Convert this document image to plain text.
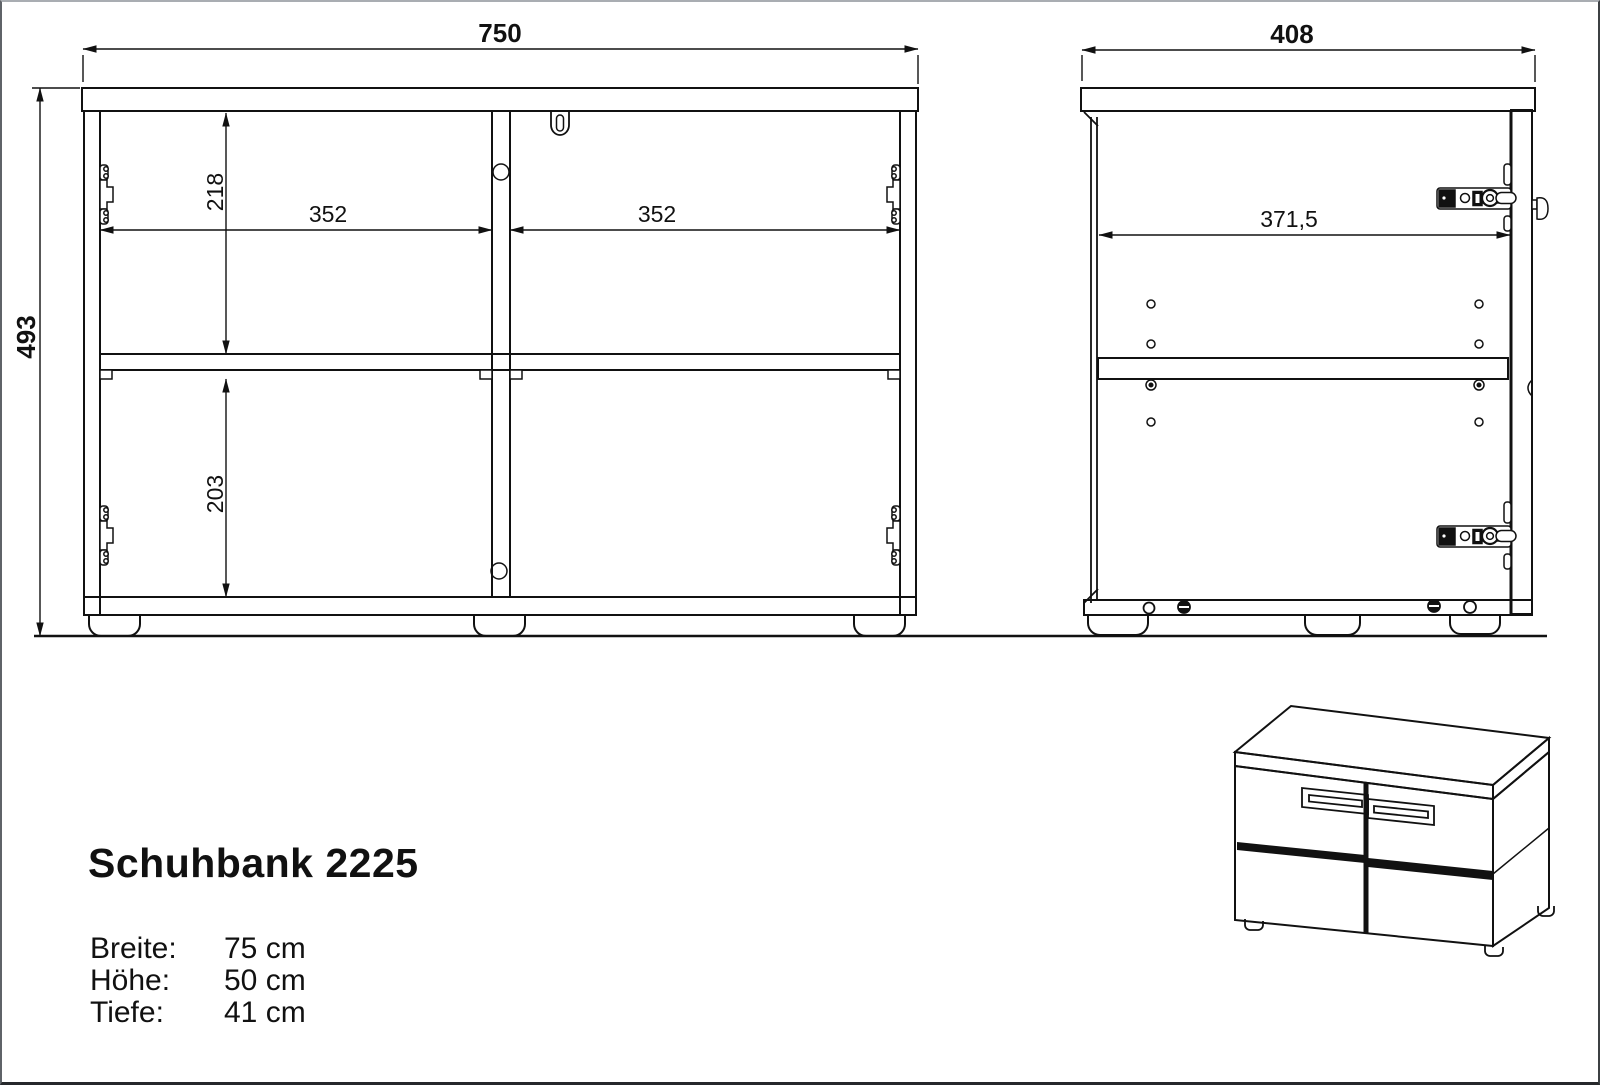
750
493
218
203
352	352
408
371,5
Schuhbank 2225
Breite:	75 cm
Höhe:	50 cm
Tiefe:	41 cm
